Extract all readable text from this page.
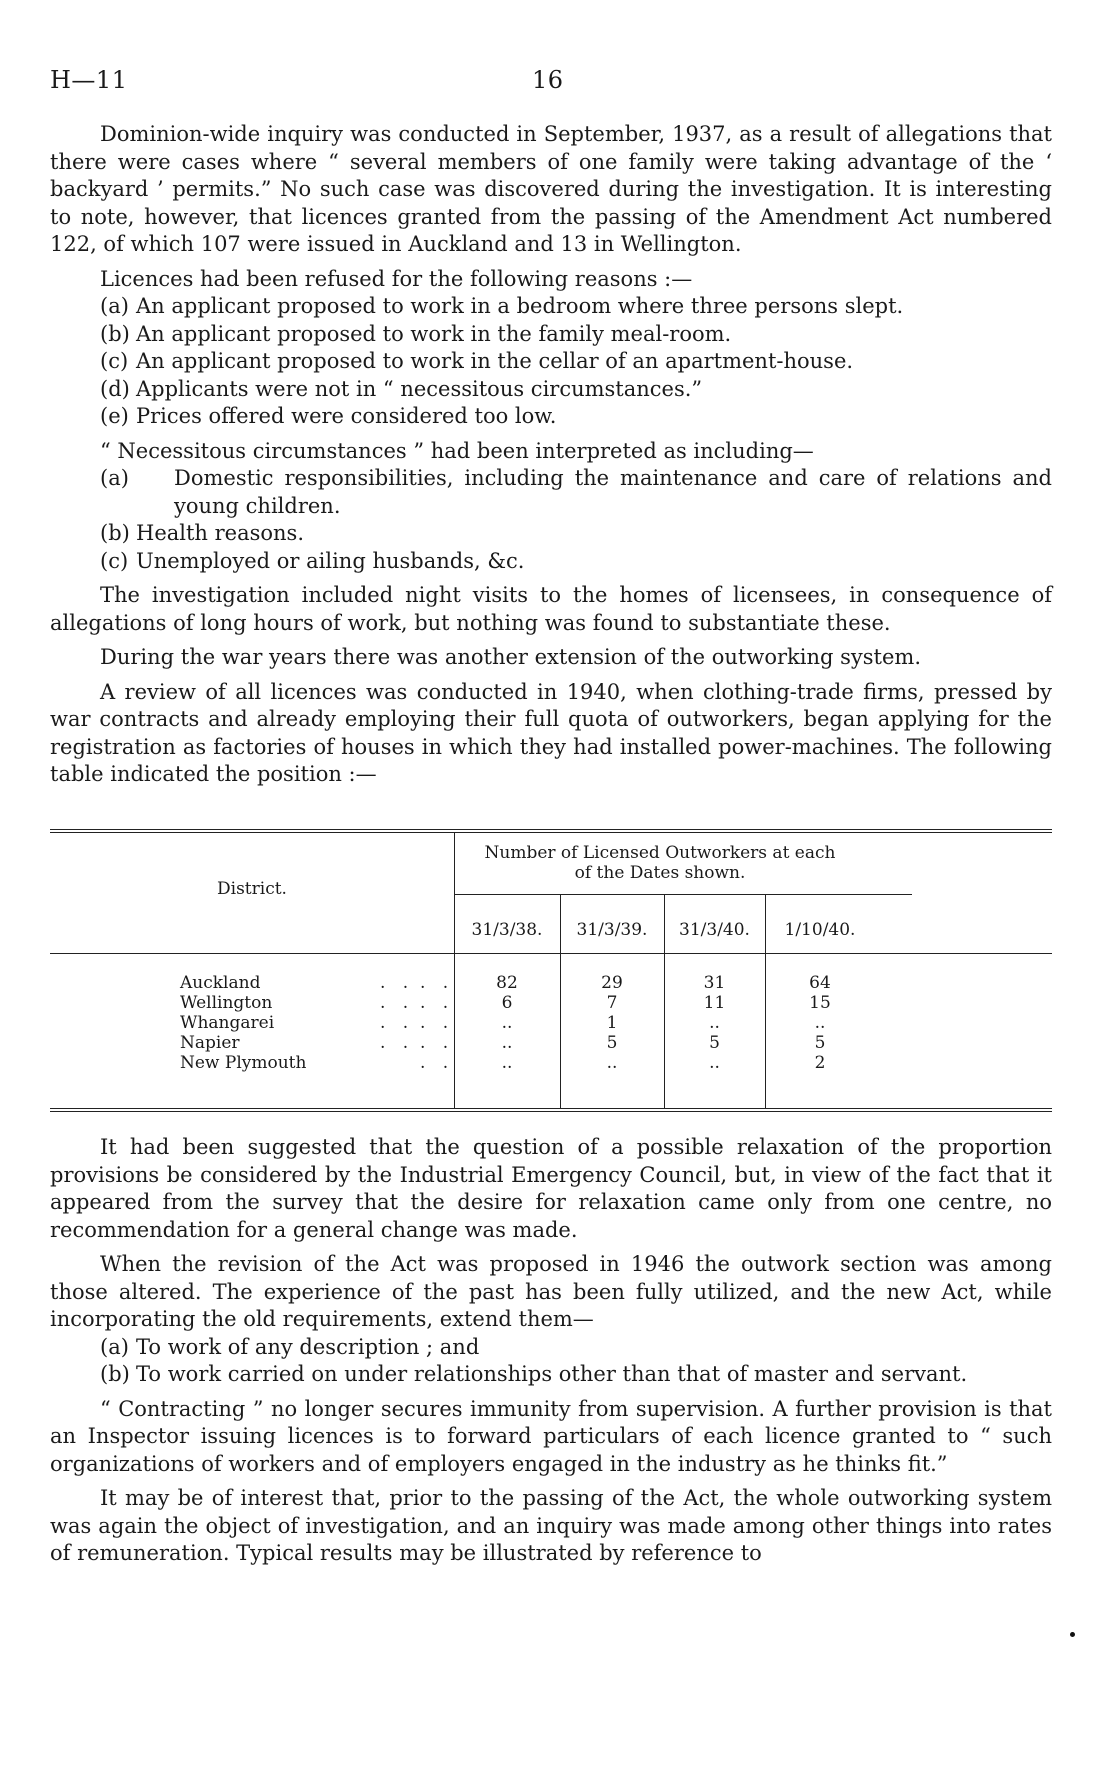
H—11	16

Dominion-wide inquiry was conducted in September, 1937, as a result of allegations that there were cases where “ several members of one family were taking advantage of the ‘ backyard ’ permits.” No such case was discovered during the investigation. It is interesting to note, however, that licences granted from the passing of the Amendment Act numbered 122, of which 107 were issued in Auckland and 13 in Wellington.

Licences had been refused for the following reasons :—

(a) An applicant proposed to work in a bedroom where three persons slept.

(b) An applicant proposed to work in the family meal-room.

(c) An applicant proposed to work in the cellar of an apartment-house.

(d) Applicants were not in “ necessitous circumstances.”

(e) Prices offered were considered too low.

“ Necessitous circumstances ” had been interpreted as including—

(a) Domestic responsibilities, including the maintenance and care of relations and young children.

(b) Health reasons.

(c) Unemployed or ailing husbands, &c.

The investigation included night visits to the homes of licensees, in consequence of allegations of long hours of work, but nothing was found to substantiate these.

During the war years there was another extension of the outworking system.

A review of all licences was conducted in 1940, when clothing-trade firms, pressed by war contracts and already employing their full quota of outworkers, began applying for the registration as factories of houses in which they had installed power-machines. The following table indicated the position :—

District.
Number of Licensed Outworkers at each of the Dates shown.
31/3/38.	31/3/39.	31/3/40.	1/10/40.
Auckland	. . . .	82	29	31	64
Wellington	. . . .	6	7	11	15
Whangarei	. . . .	..	1	..	..
Napier	. . . .	..	5	5	5
New Plymouth	. .	..	..	..	2

It had been suggested that the question of a possible relaxation of the proportion provisions be considered by the Industrial Emergency Council, but, in view of the fact that it appeared from the survey that the desire for relaxation came only from one centre, no recommendation for a general change was made.

When the revision of the Act was proposed in 1946 the outwork section was among those altered. The experience of the past has been fully utilized, and the new Act, while incorporating the old requirements, extend them—

(a) To work of any description ; and

(b) To work carried on under relationships other than that of master and servant.

“ Contracting ” no longer secures immunity from supervision. A further provision is that an Inspector issuing licences is to forward particulars of each licence granted to “ such organizations of workers and of employers engaged in the industry as he thinks fit.”

It may be of interest that, prior to the passing of the Act, the whole outworking system was again the object of investigation, and an inquiry was made among other things into rates of remuneration. Typical results may be illustrated by reference to
